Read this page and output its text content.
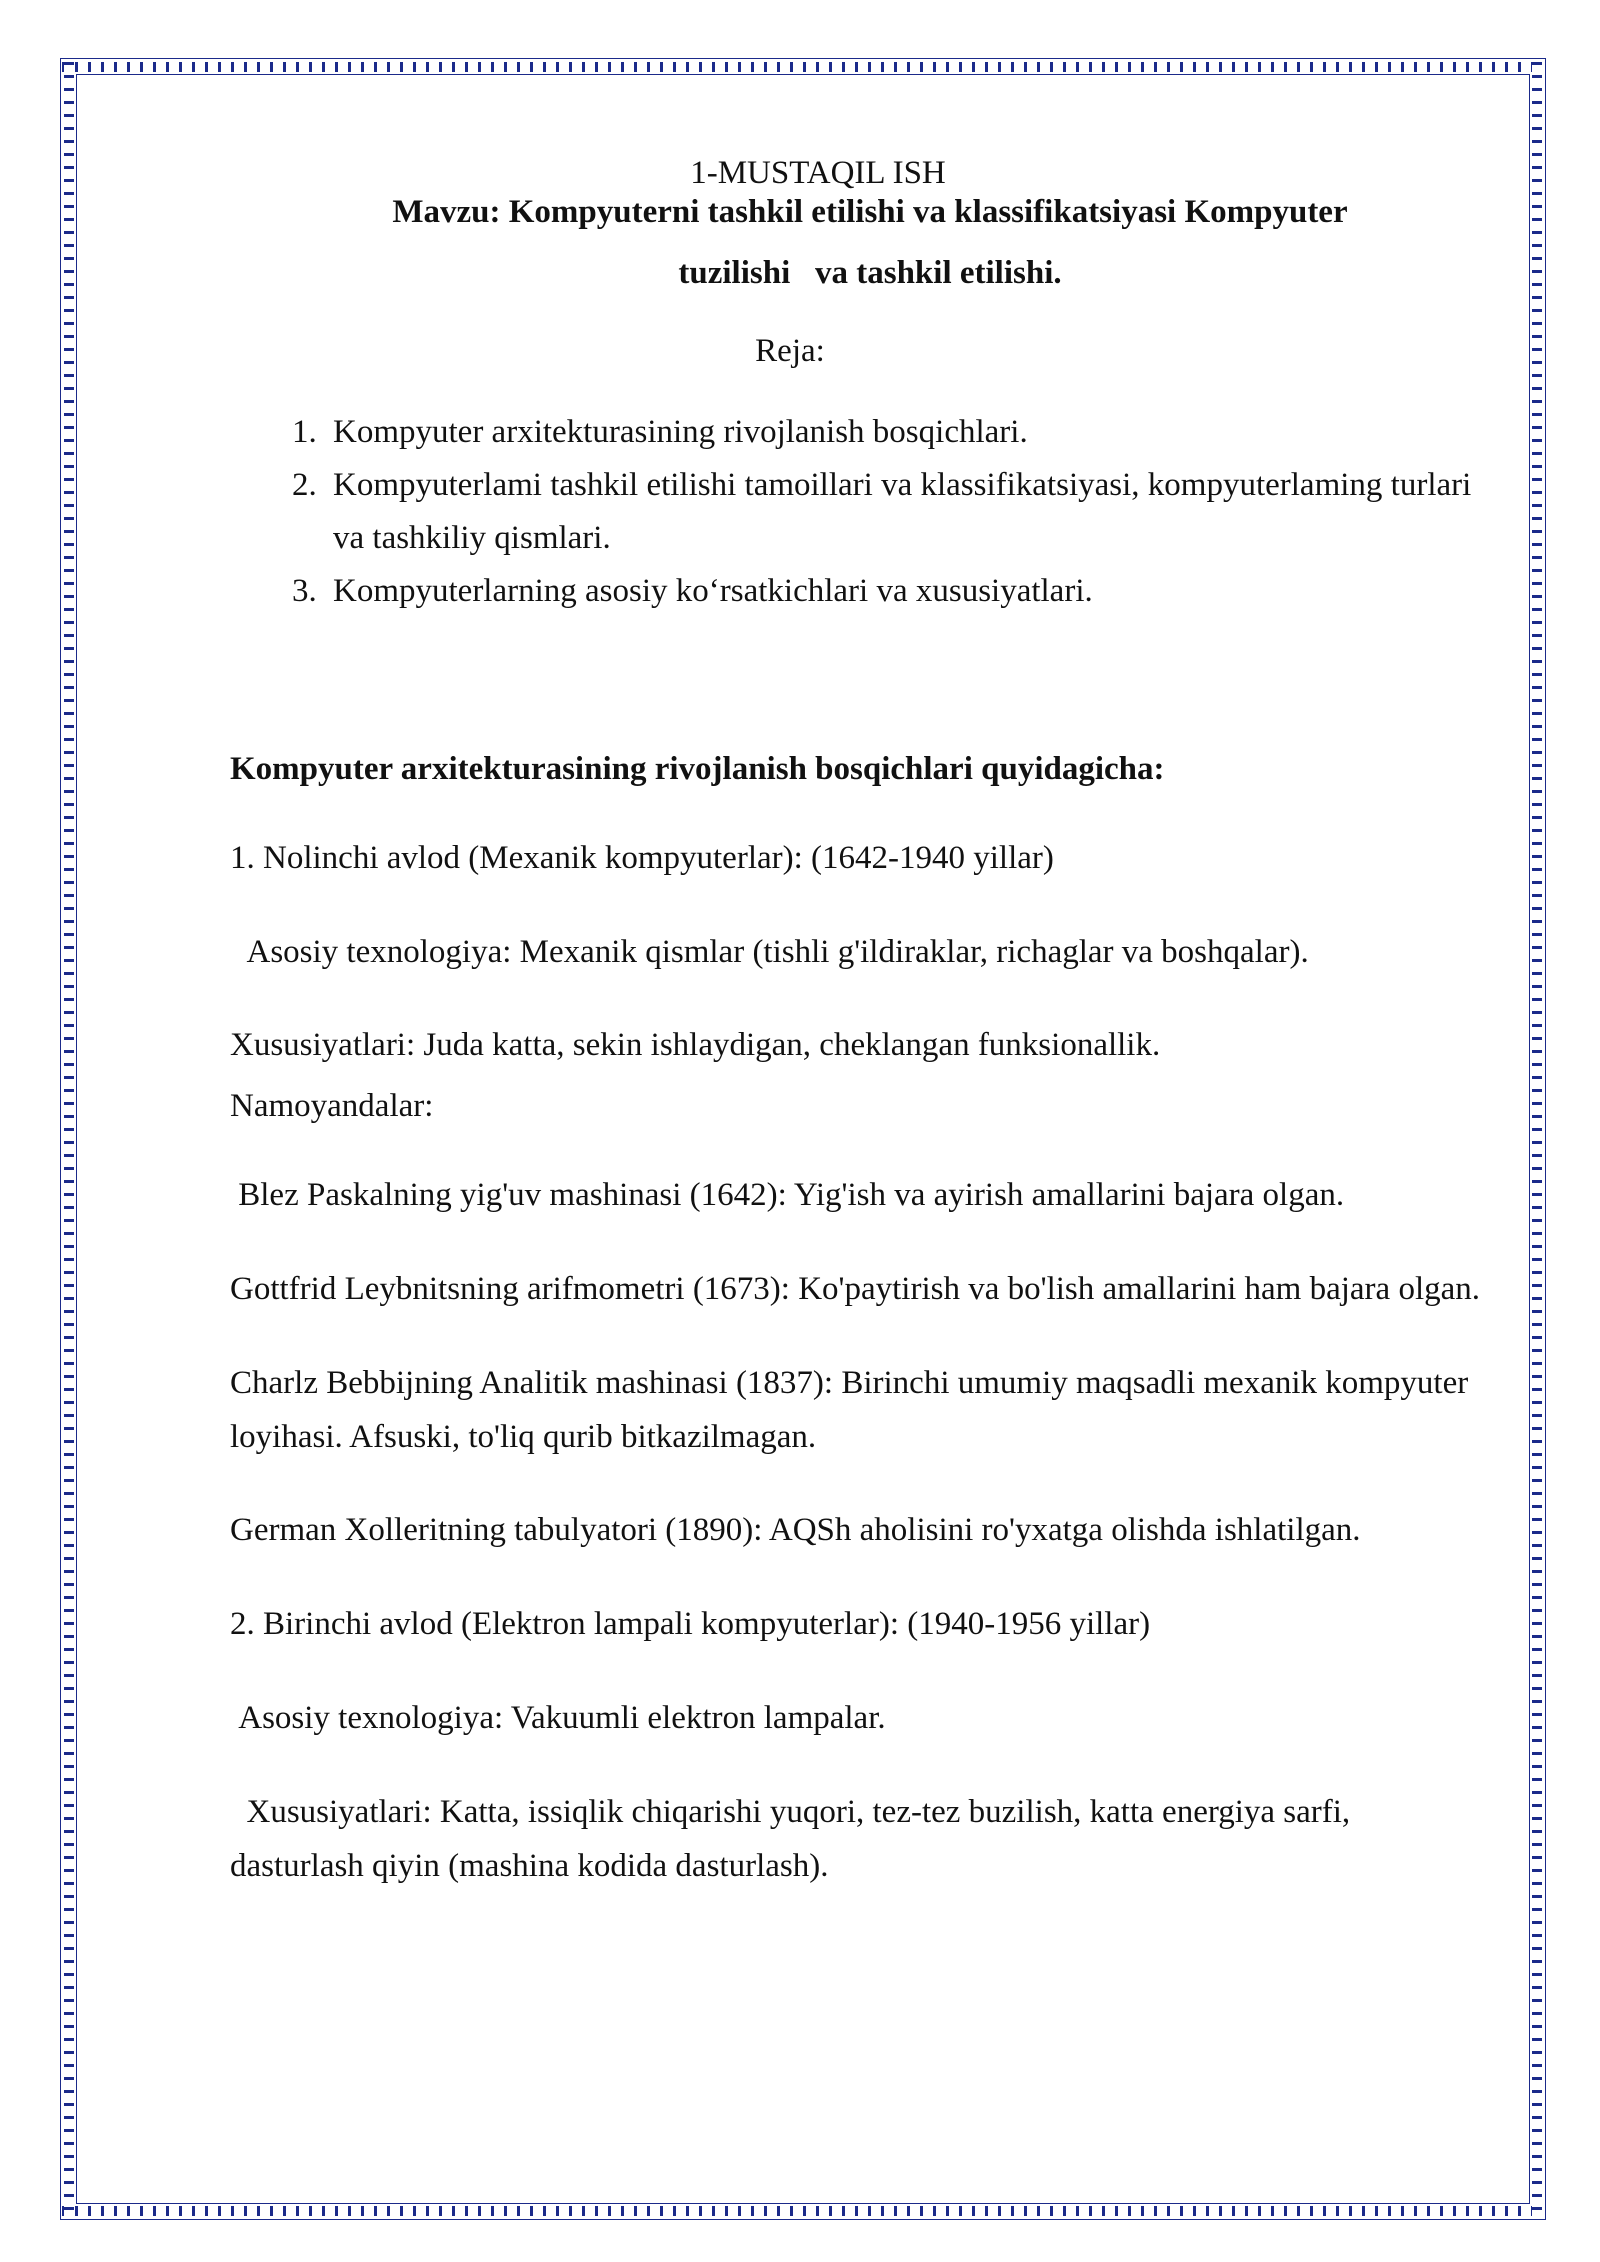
1-MUSTAQIL ISH
Mavzu: Kompyuterni tashkil etilishi va klassifikatsiyasi Kompyuter
tuzilishi   va tashkil etilishi.
Reja:
1. Kompyuter arxitekturasining rivojlanish bosqichlari.
2. Kompyuterlami tashkil etilishi tamoillari va klassifikatsiyasi, kompyuterlaming turlari va tashkiliy qismlari.
3. Kompyuterlarning asosiy ko‘rsatkichlari va xususiyatlari.

Kompyuter arxitekturasining rivojlanish bosqichlari quyidagicha:

1. Nolinchi avlod (Mexanik kompyuterlar): (1642-1940 yillar)

Asosiy texnologiya: Mexanik qismlar (tishli g'ildiraklar, richaglar va boshqalar).

Xususiyatlari: Juda katta, sekin ishlaydigan, cheklangan funksionallik.

Namoyandalar:

Blez Paskalning yig'uv mashinasi (1642): Yig'ish va ayirish amallarini bajara olgan.

Gottfrid Leybnitsning arifmometri (1673): Ko'paytirish va bo'lish amallarini ham bajara olgan.

Charlz Bebbijning Analitik mashinasi (1837): Birinchi umumiy maqsadli mexanik kompyuter loyihasi. Afsuski, to'liq qurib bitkazilmagan.

German Xolleritning tabulyatori (1890): AQSh aholisini ro'yxatga olishda ishlatilgan.

2. Birinchi avlod (Elektron lampali kompyuterlar): (1940-1956 yillar)

Asosiy texnologiya: Vakuumli elektron lampalar.

Xususiyatlari: Katta, issiqlik chiqarishi yuqori, tez-tez buzilish, katta energiya sarfi, dasturlash qiyin (mashina kodida dasturlash).
